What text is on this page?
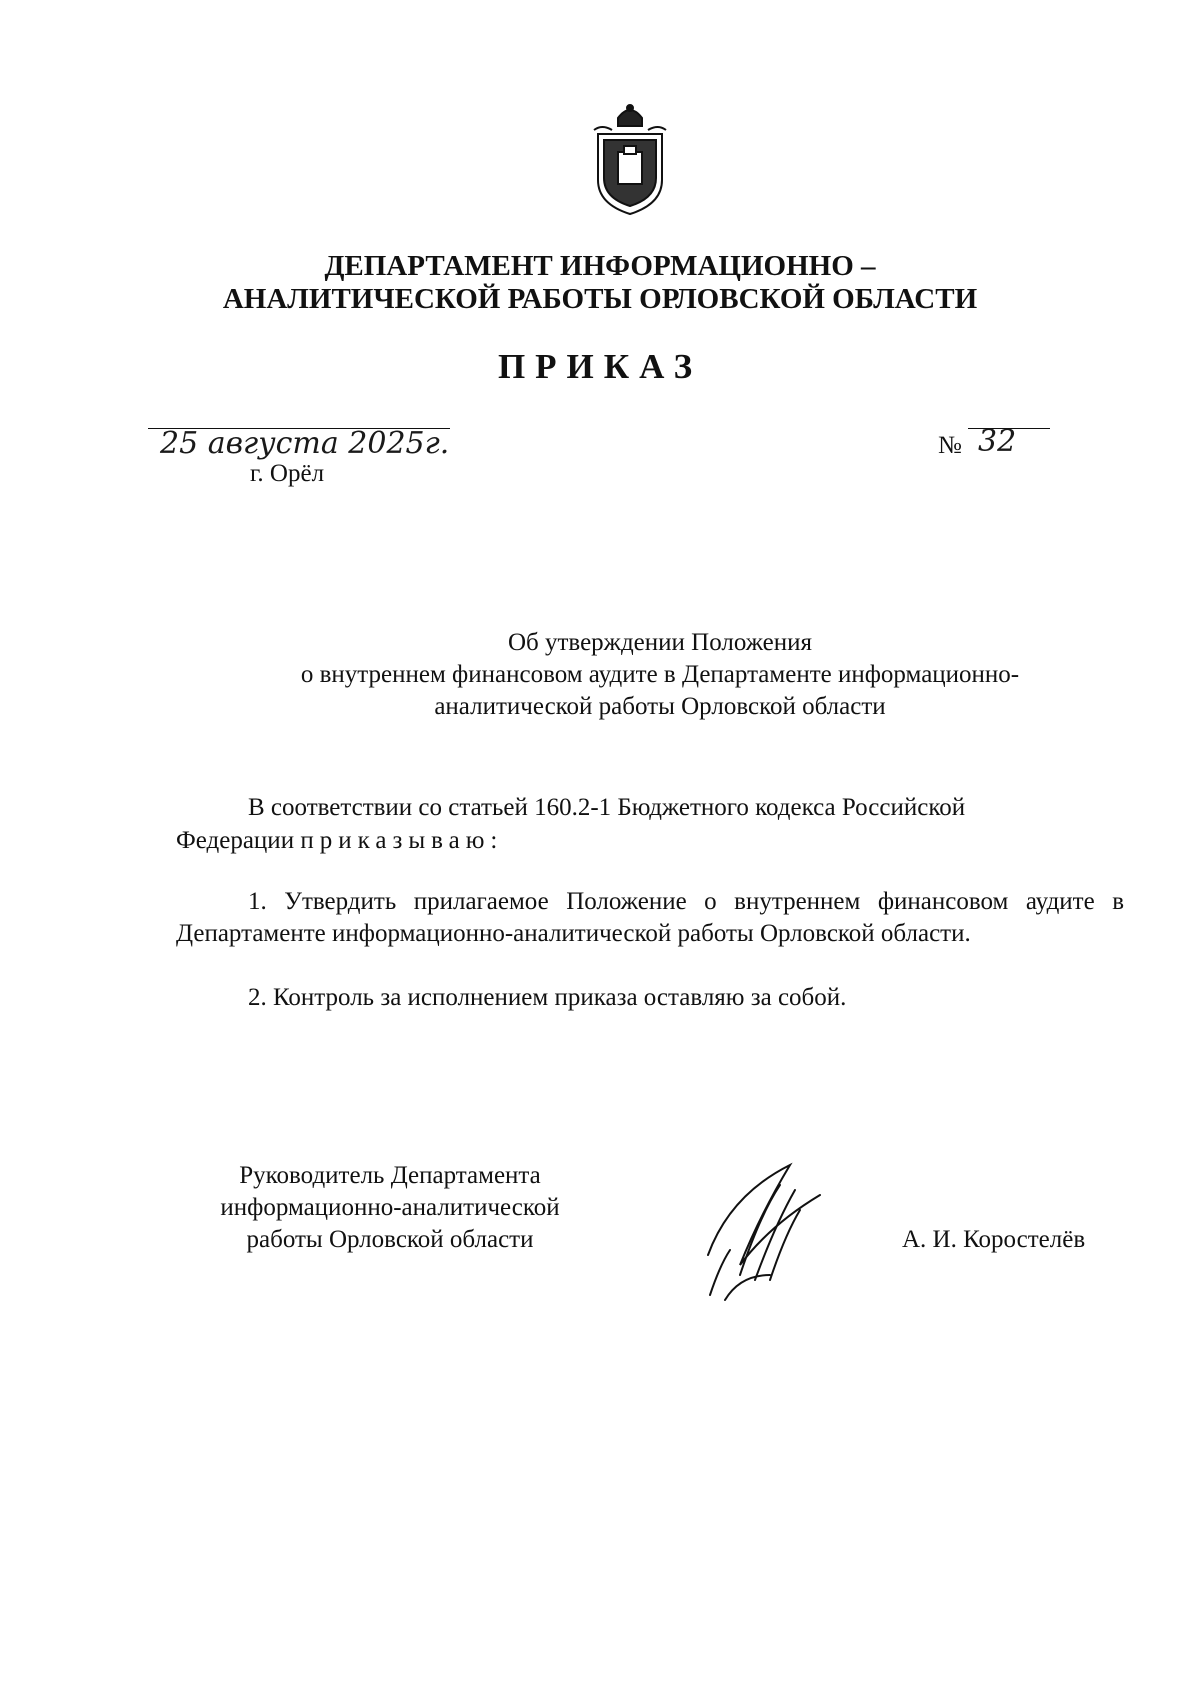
ДЕПАРТАМЕНТ ИНФОРМАЦИОННО –
АНАЛИТИЧЕСКОЙ РАБОТЫ ОРЛОВСКОЙ ОБЛАСТИ
ПРИКАЗ
25 августа 2025г.
г. Орёл
№ 32
Об утверждении Положения
о внутреннем финансовом аудите в Департаменте информационно-
аналитической работы Орловской области
В соответствии со статьей 160.2-1 Бюджетного кодекса Российской
Федерации приказываю:
1. Утвердить прилагаемое Положение о внутреннем финансовом аудите в Департаменте информационно-аналитической работы Орловской области.
2. Контроль за исполнением приказа оставляю за собой.
Руководитель Департамента
информационно-аналитической
работы Орловской области	А. И. Коростелёв
